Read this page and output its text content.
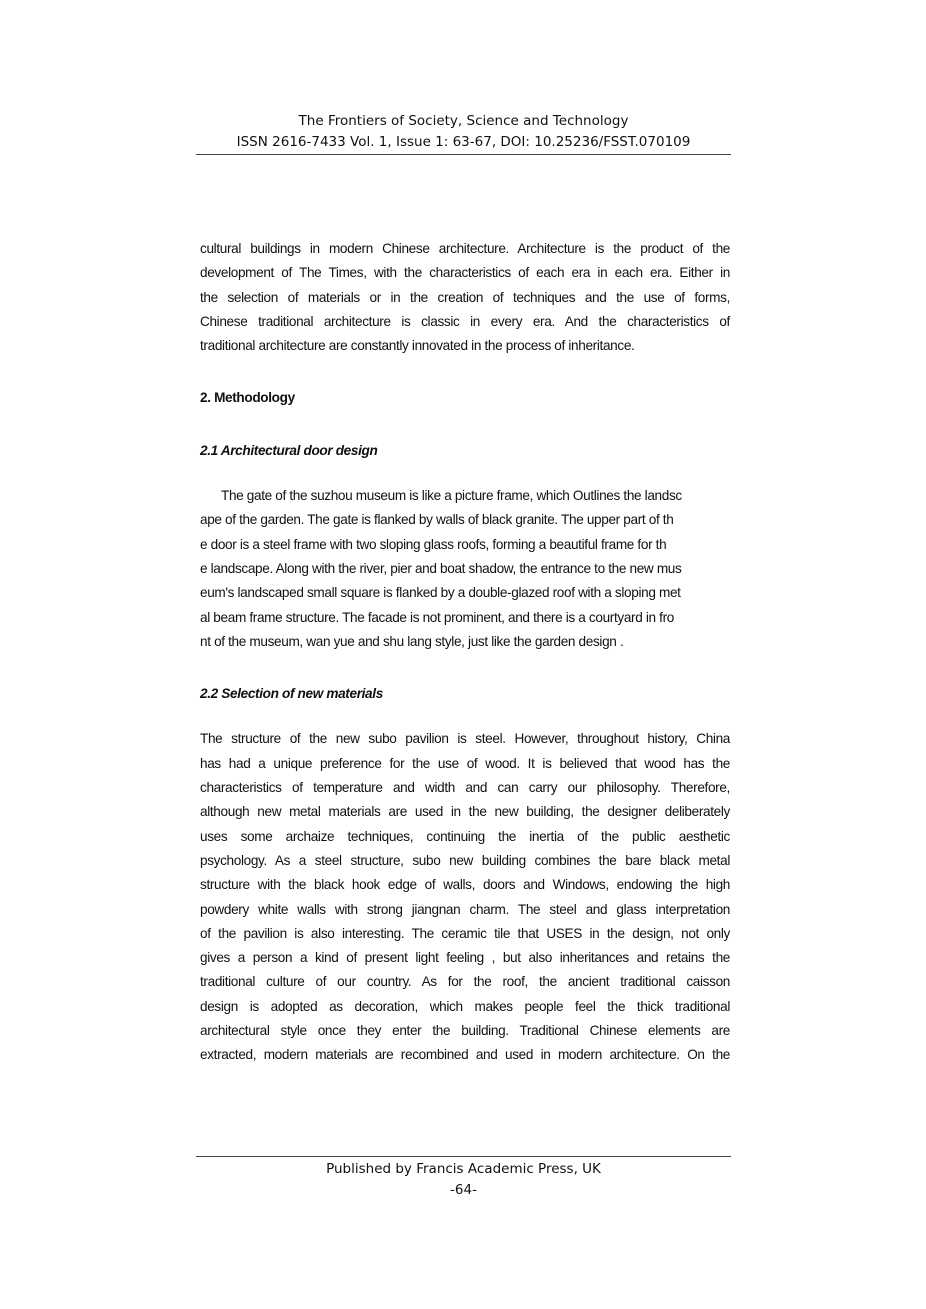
The Frontiers of Society, Science and Technology
ISSN 2616-7433 Vol. 1, Issue 1: 63-67, DOI: 10.25236/FSST.070109

cultural buildings in modern Chinese architecture. Architecture is the product of the

development of The Times, with the characteristics of each era in each era. Either in

the selection of materials or in the creation of techniques and the use of forms,

Chinese traditional architecture is classic in every era. And the characteristics of

traditional architecture are constantly innovated in the process of inheritance.

2. Methodology

2.1 Architectural door design

The gate of the suzhou museum is like a picture frame, which Outlines the landsc

ape of the garden. The gate is flanked by walls of black granite. The upper part of th

e door is a steel frame with two sloping glass roofs, forming a beautiful frame for th

e landscape. Along with the river, pier and boat shadow, the entrance to the new mus

eum's landscaped small square is flanked by a double-glazed roof with a sloping met

al beam frame structure. The facade is not prominent, and there is a courtyard in fro

nt of the museum, wan yue and shu lang style, just like the garden design .

2.2 Selection of new materials

The structure of the new subo pavilion is steel. However, throughout history, China

has had a unique preference for the use of wood. It is believed that wood has the

characteristics of temperature and width and can carry our philosophy. Therefore,

although new metal materials are used in the new building, the designer deliberately

uses some archaize techniques, continuing the inertia of the public aesthetic

psychology. As a steel structure, subo new building combines the bare black metal

structure with the black hook edge of walls, doors and Windows, endowing the high

powdery white walls with strong jiangnan charm. The steel and glass interpretation

of the pavilion is also interesting. The ceramic tile that USES in the design, not only

gives a person a kind of present light feeling , but also inheritances and retains the

traditional culture of our country. As for the roof, the ancient traditional caisson

design is adopted as decoration, which makes people feel the thick traditional

architectural style once they enter the building. Traditional Chinese elements are

extracted, modern materials are recombined and used in modern architecture. On the

Published by Francis Academic Press, UK
-64-
